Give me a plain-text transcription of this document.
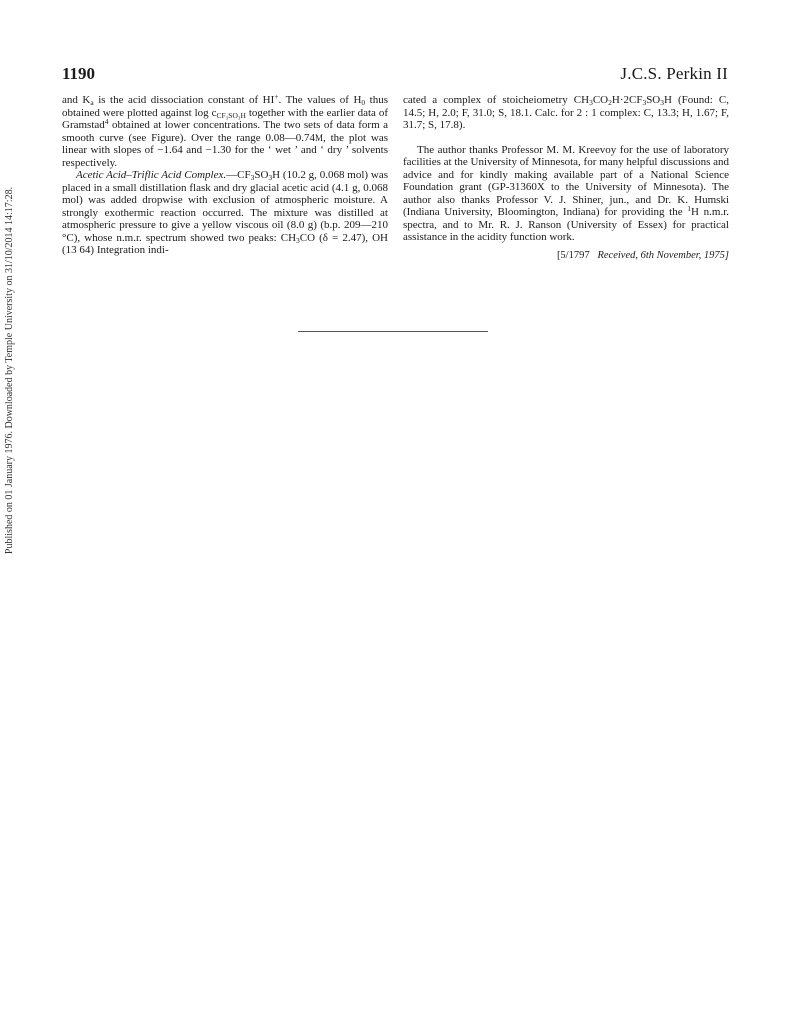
Published on 01 January 1976. Downloaded by Temple University on 31/10/2014 14:17:28.
1190	J.C.S. Perkin II

and $K_a$ is the acid dissociation constant of HI+. The values of $H_0$ thus obtained were plotted against $\log c_{CF_3SO_3H}$ together with the earlier data of Gramstad$^4$ obtained at lower concentrations. The two sets of data form a smooth curve (see Figure). Over the range 0.08—0.74M, the plot was linear with slopes of −1.64 and −1.30 for the ‘ wet ’ and ‘ dry ’ solvents respectively.

Acetic Acid–Triflic Acid $Complex.—CF_3SO_3H$ (10.2 g, 0.068 mol) was placed in a small distillation flask and dry glacial acetic acid (4.1 g, 0.068 mol) was added dropwise with exclusion of atmospheric moisture. A strongly exothermic reaction occurred. The mixture was distilled at atmospheric pressure to give a yellow viscous oil (8.0 g) (b.p. 209—210 °C), whose n.m.r. spectrum showed two peaks: $CH_3CO$ (δ = 2.47), OH (13 64) Integration indi-

cated a complex of stoicheiometry $CH_3CO_2H\cdot 2CF_3SO_3H$ (Found: C, 14.5; H, 2.0; F, 31.0; S, 18.1. Calc. for 2 : 1 complex: C, 13.3; H, 1.67; F, 31.7; S, 17.8).

The author thanks Professor M. M. Kreevoy for the use of laboratory facilities at the University of Minnesota, for many helpful discussions and advice and for kindly making available part of a National Science Foundation grant (GP-31360X to the University of Minnesota). The author also thanks Professor V. J. Shiner, jun., and Dr. K. Humski (Indiana University, Bloomington, Indiana) for providing the $^1$H n.m.r. spectra, and to Mr. R. J. Ranson (University of Essex) for practical assistance in the acidity function work.

[5/1797 Received, 6th November, 1975]
